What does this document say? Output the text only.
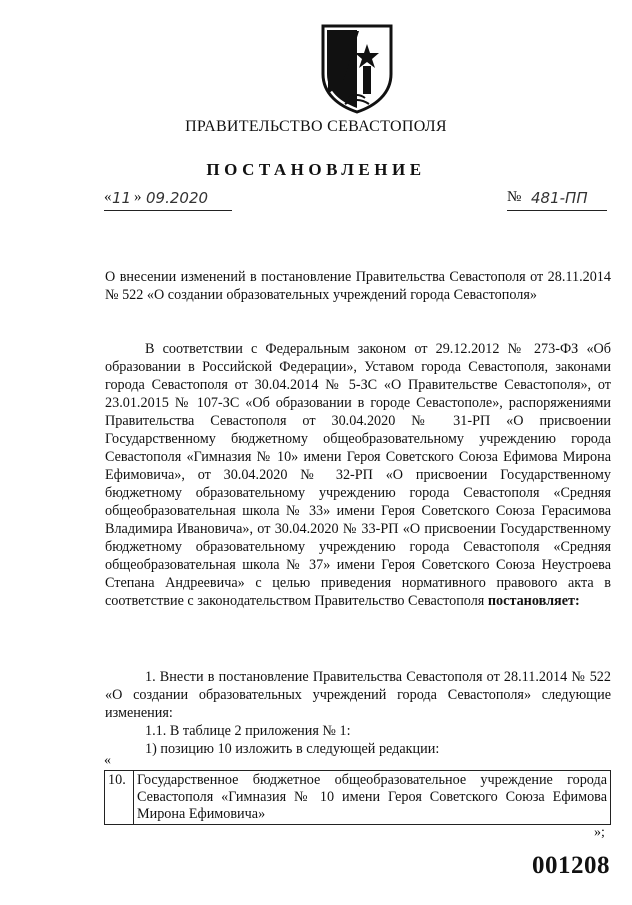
ПРАВИТЕЛЬСТВО СЕВАСТОПОЛЯ
ПОСТАНОВЛЕНИЕ
« 11 » 09.2020	№ 481-ПП
О внесении изменений в постановление Правительства Севастополя от 28.11.2014 № 522 «О создании образовательных учреждений города Севастополя»
В соответствии с Федеральным законом от 29.12.2012 № 273-ФЗ «Об образовании в Российской Федерации», Уставом города Севастополя, законами города Севастополя от 30.04.2014 № 5-ЗС «О Правительстве Севастополя», от 23.01.2015 № 107-ЗС «Об образовании в городе Севастополе», распоряжениями Правительства Севастополя от 30.04.2020 № 31-РП «О присвоении Государственному бюджетному общеобразовательному учреждению города Севастополя «Гимназия № 10» имени Героя Советского Союза Ефимова Мирона Ефимовича», от 30.04.2020 № 32-РП «О присвоении Государственному бюджетному образовательному учреждению города Севастополя «Средняя общеобразовательная школа № 33» имени Героя Советского Союза Герасимова Владимира Ивановича», от 30.04.2020 № 33-РП «О присвоении Государственному бюджетному образовательному учреждению города Севастополя «Средняя общеобразовательная школа № 37» имени Героя Советского Союза Неустроева Степана Андреевича» с целью приведения нормативного правового акта в соответствие с законодательством Правительство Севастополя постановляет:
1. Внести в постановление Правительства Севастополя от 28.11.2014 № 522 «О создании образовательных учреждений города Севастополя» следующие изменения:
1.1. В таблице 2 приложения № 1:
1) позицию 10 изложить в следующей редакции:
«
10.	Государственное бюджетное общеобразовательное учреждение города Севастополя «Гимназия № 10 имени Героя Советского Союза Ефимова Мирона Ефимовича»
»;
001208
